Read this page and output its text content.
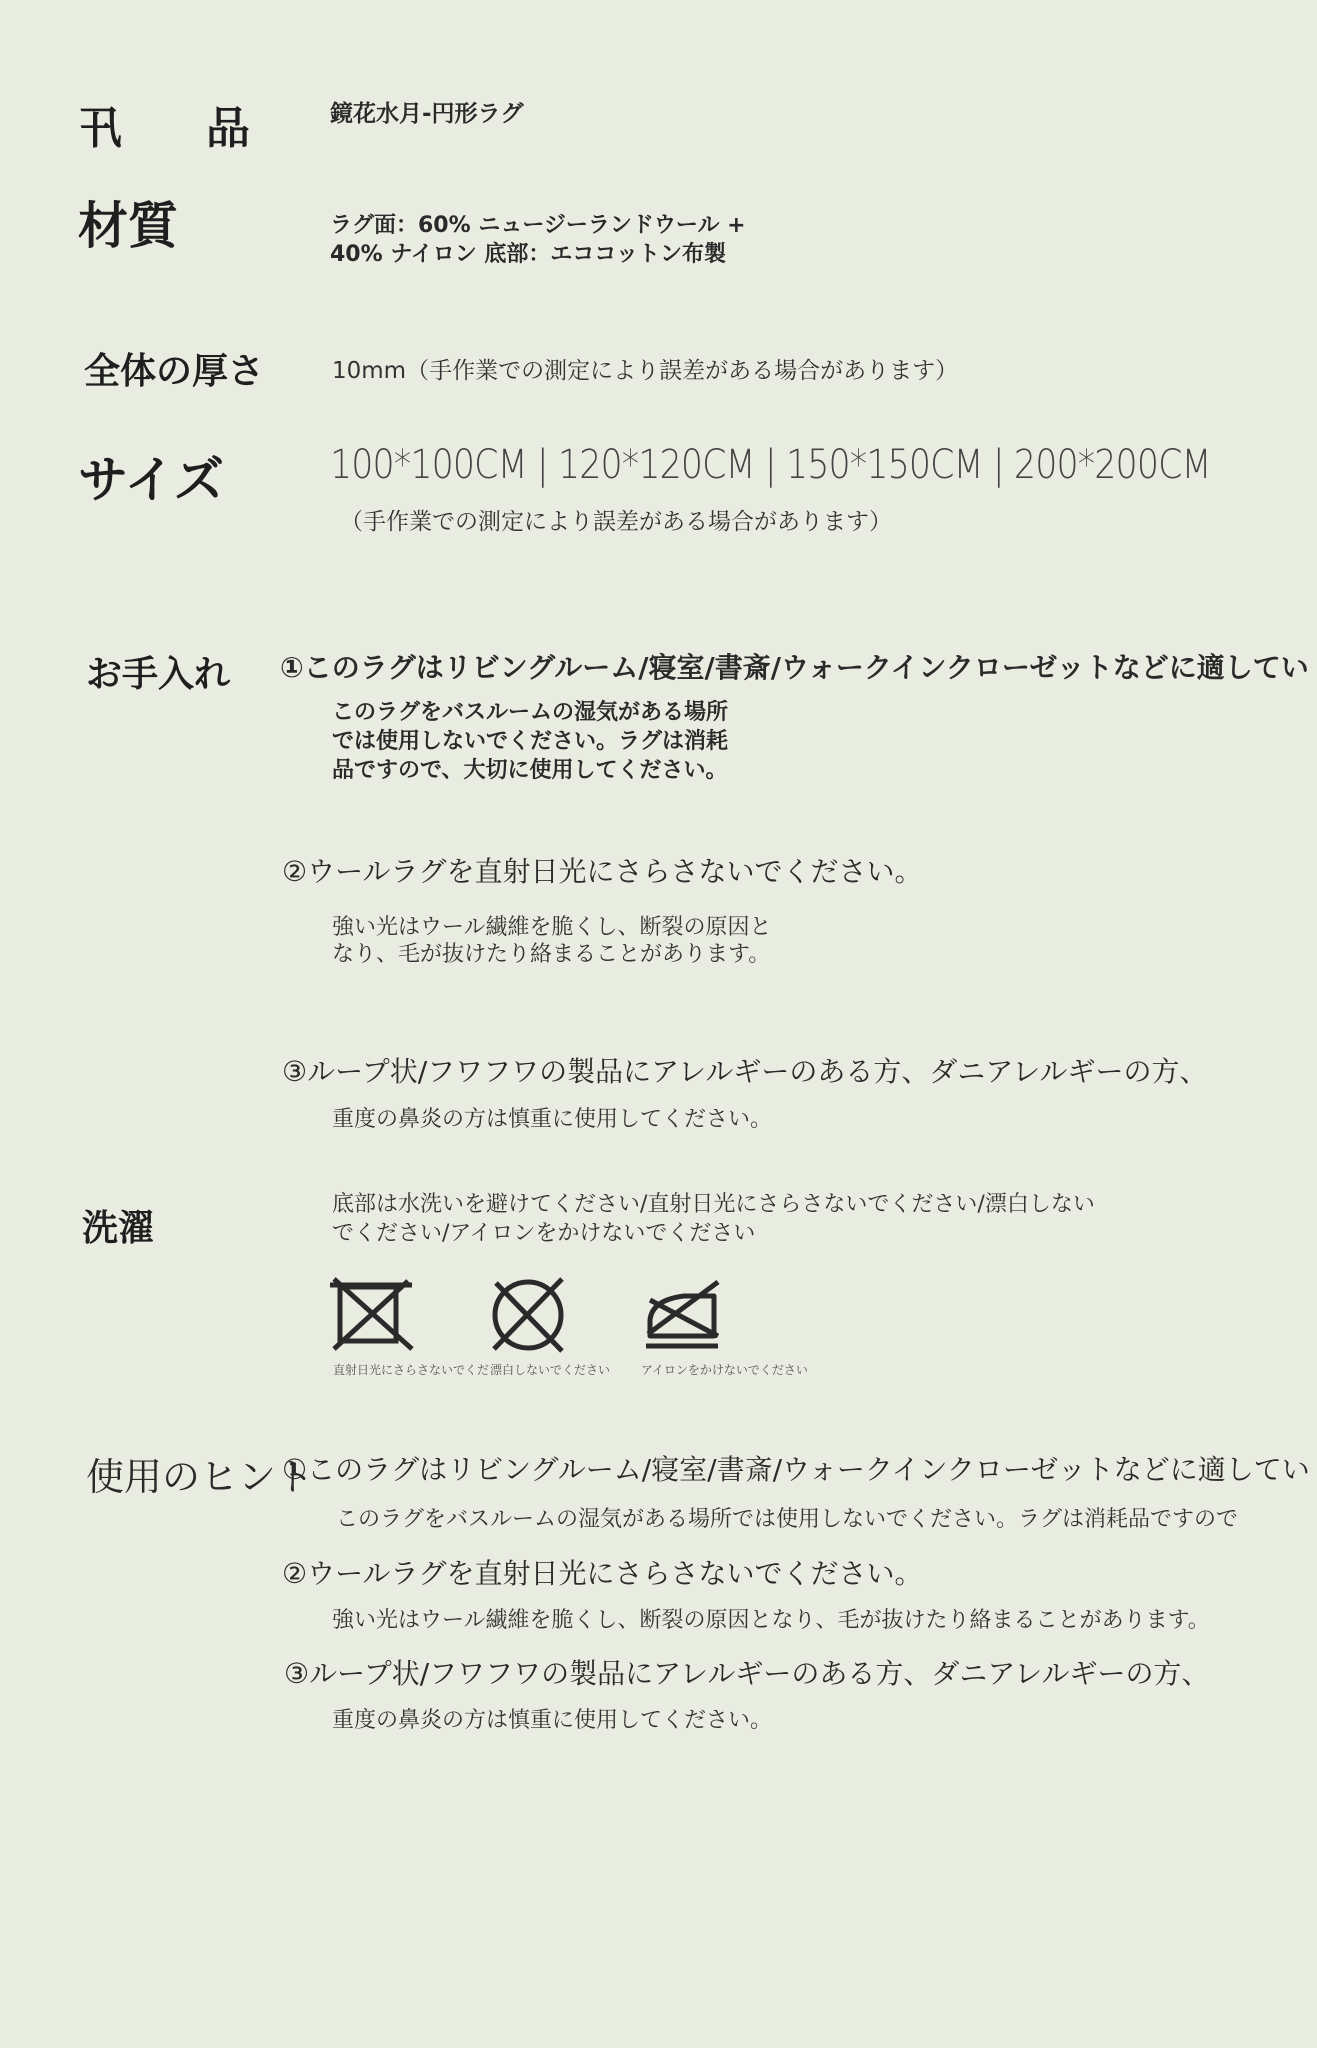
卂　品	鏡花水月-円形ラグ
材質	ラグ面：60% ニュージーランドウール +
40% ナイロン 底部：エココットン布製
全体の厚さ	10mm（手作業での測定により誤差がある場合があります）
サイズ	100*100CM | 120*120CM | 150*150CM | 200*200CM
（手作業での測定により誤差がある場合があります）
お手入れ ①このラグはリビングルーム/寝室/書斎/ウォークインクローゼットなどに適してい
このラグをバスルームの湿気がある場所
では使用しないでください。ラグは消耗
品ですので、大切に使用してください。
②ウールラグを直射日光にさらさないでください。
強い光はウール繊維を脆くし、断裂の原因と
なり、毛が抜けたり絡まることがあります。
③ループ状/フワフワの製品にアレルギーのある方、ダニアレルギーの方、
重度の鼻炎の方は慎重に使用してください。
洗濯
底部は水洗いを避けてください/直射日光にさらさないでください/漂白しない
でください/アイロンをかけないでください
直射日光にさらさないでくだ 漂白しないでください	アイロンをかけないでください
使用のヒント
①このラグはリビングルーム/寝室/書斎/ウォークインクローゼットなどに適してい
このラグをバスルームの湿気がある場所では使用しないでください。ラグは消耗品ですので
②ウールラグを直射日光にさらさないでください。
強い光はウール繊維を脆くし、断裂の原因となり、毛が抜けたり絡まることがあります。
③ループ状/フワフワの製品にアレルギーのある方、ダニアレルギーの方、
重度の鼻炎の方は慎重に使用してください。
